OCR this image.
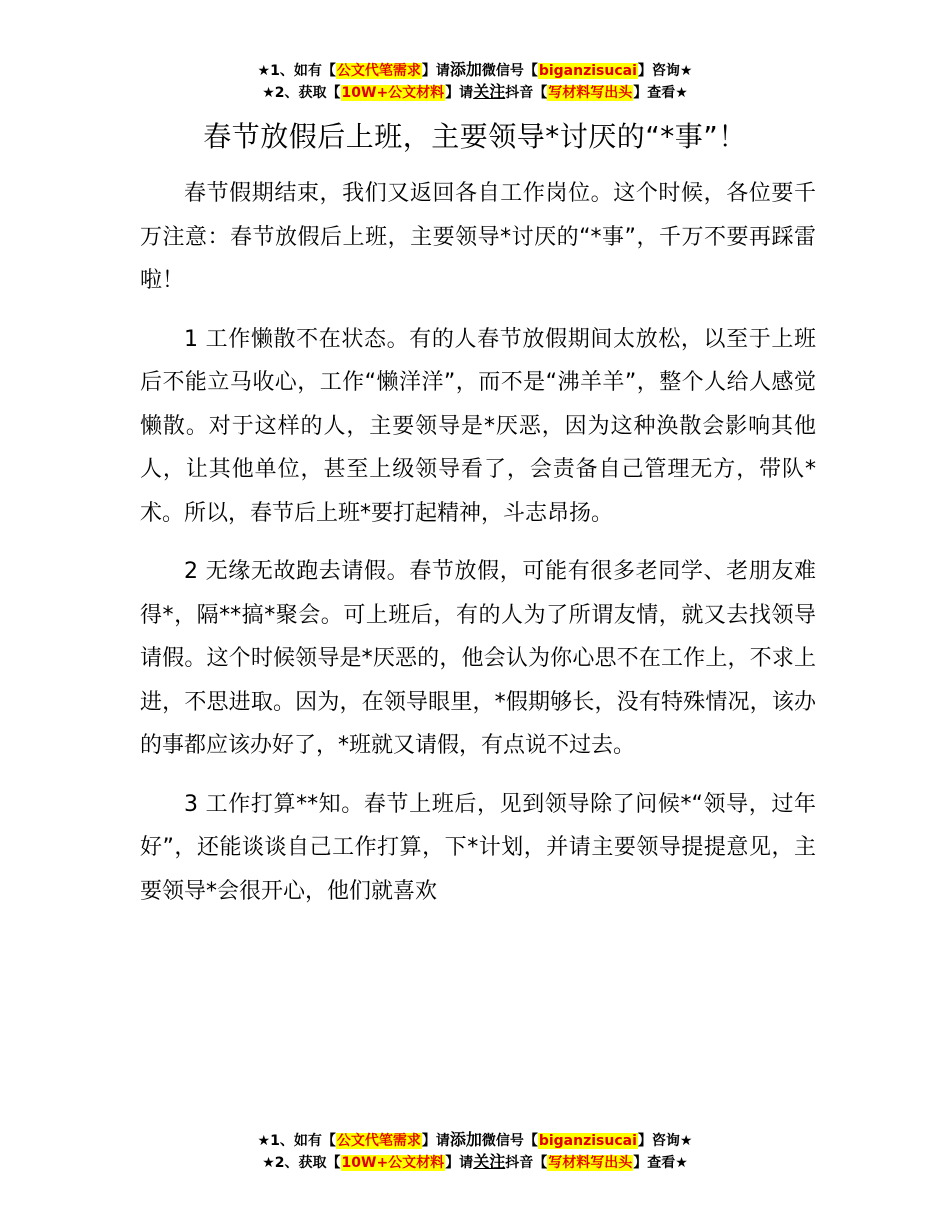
★1、如有【公文代笔需求】请添加微信号【biganzisucai】咨询★
★2、获取【10W+公文材料】请关注抖音【写材料写出头】查看★
春节放假后上班，主要领导*讨厌的“*事”！

春节假期结束，我们又返回各自工作岗位。这个时候，各位要千万注意：春节放假后上班，主要领导*讨厌的“*事”，千万不要再踩雷啦！

1 工作懒散不在状态。有的人春节放假期间太放松，以至于上班后不能立马收心，工作“懒洋洋”，而不是“沸羊羊”，整个人给人感觉懒散。对于这样的人，主要领导是*厌恶，因为这种涣散会影响其他人，让其他单位，甚至上级领导看了，会责备自己管理无方，带队*术。所以，春节后上班*要打起精神，斗志昂扬。

2 无缘无故跑去请假。春节放假，可能有很多老同学、老朋友难得*，隔**搞*聚会。可上班后，有的人为了所谓友情，就又去找领导请假。这个时候领导是*厌恶的，他会认为你心思不在工作上，不求上进，不思进取。因为，在领导眼里，*假期够长，没有特殊情况，该办的事都应该办好了，*班就又请假，有点说不过去。

3 工作打算**知。春节上班后，见到领导除了问候*“领导，过年好”，还能谈谈自己工作打算，下*计划，并请主要领导提提意见，主要领导*会很开心，他们就喜欢

★1、如有【公文代笔需求】请添加微信号【biganzisucai】咨询★
★2、获取【10W+公文材料】请关注抖音【写材料写出头】查看★
